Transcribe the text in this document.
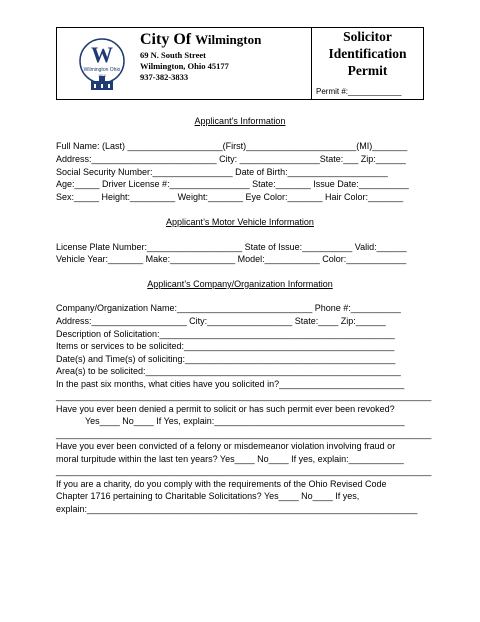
W
Wilmington Ohio
City Of Wilmington
69 N. South Street
Wilmington, Ohio 45177
937-382-3833
Solicitor
Identification
Permit
Permit #:____________
Applicant’s Information
Full Name: (Last) ___________________(First)______________________(MI)_______
Address:_________________________ City: ________________State:___ Zip:______
Social Security Number:________________ Date of Birth:____________________
Age:_____ Driver License #:________________ State:_______ Issue Date:__________
Sex:_____ Height:_________ Weight:_______ Eye Color:_______ Hair Color:_______
Applicant’s Motor Vehicle Information
License Plate Number:___________________ State of Issue:__________ Valid:______
Vehicle Year:_______ Make:_____________ Model:___________ Color:____________
Applicant’s Company/Organization Information
Company/Organization Name:___________________________ Phone #:__________
Address:___________________ City:_________________ State:____ Zip:______
Description of Solicitation:_______________________________________________
Items or services to be solicited:__________________________________________
Date(s) and Time(s) of soliciting:__________________________________________
Area(s) to be solicited:___________________________________________________
In the past six months, what cities have you solicited in?_________________________
___________________________________________________________________________
Have you ever been denied a permit to solicit or has such permit ever been revoked?
Yes____ No____ If Yes, explain:______________________________________
___________________________________________________________________________
Have you ever been convicted of a felony or misdemeanor violation involving fraud or
moral turpitude within the last ten years? Yes____ No____ If yes, explain:___________
___________________________________________________________________________
If you are a charity, do you comply with the requirements of the Ohio Revised Code
Chapter 1716 pertaining to Charitable Solicitations? Yes____ No____ If yes,
explain:__________________________________________________________________
